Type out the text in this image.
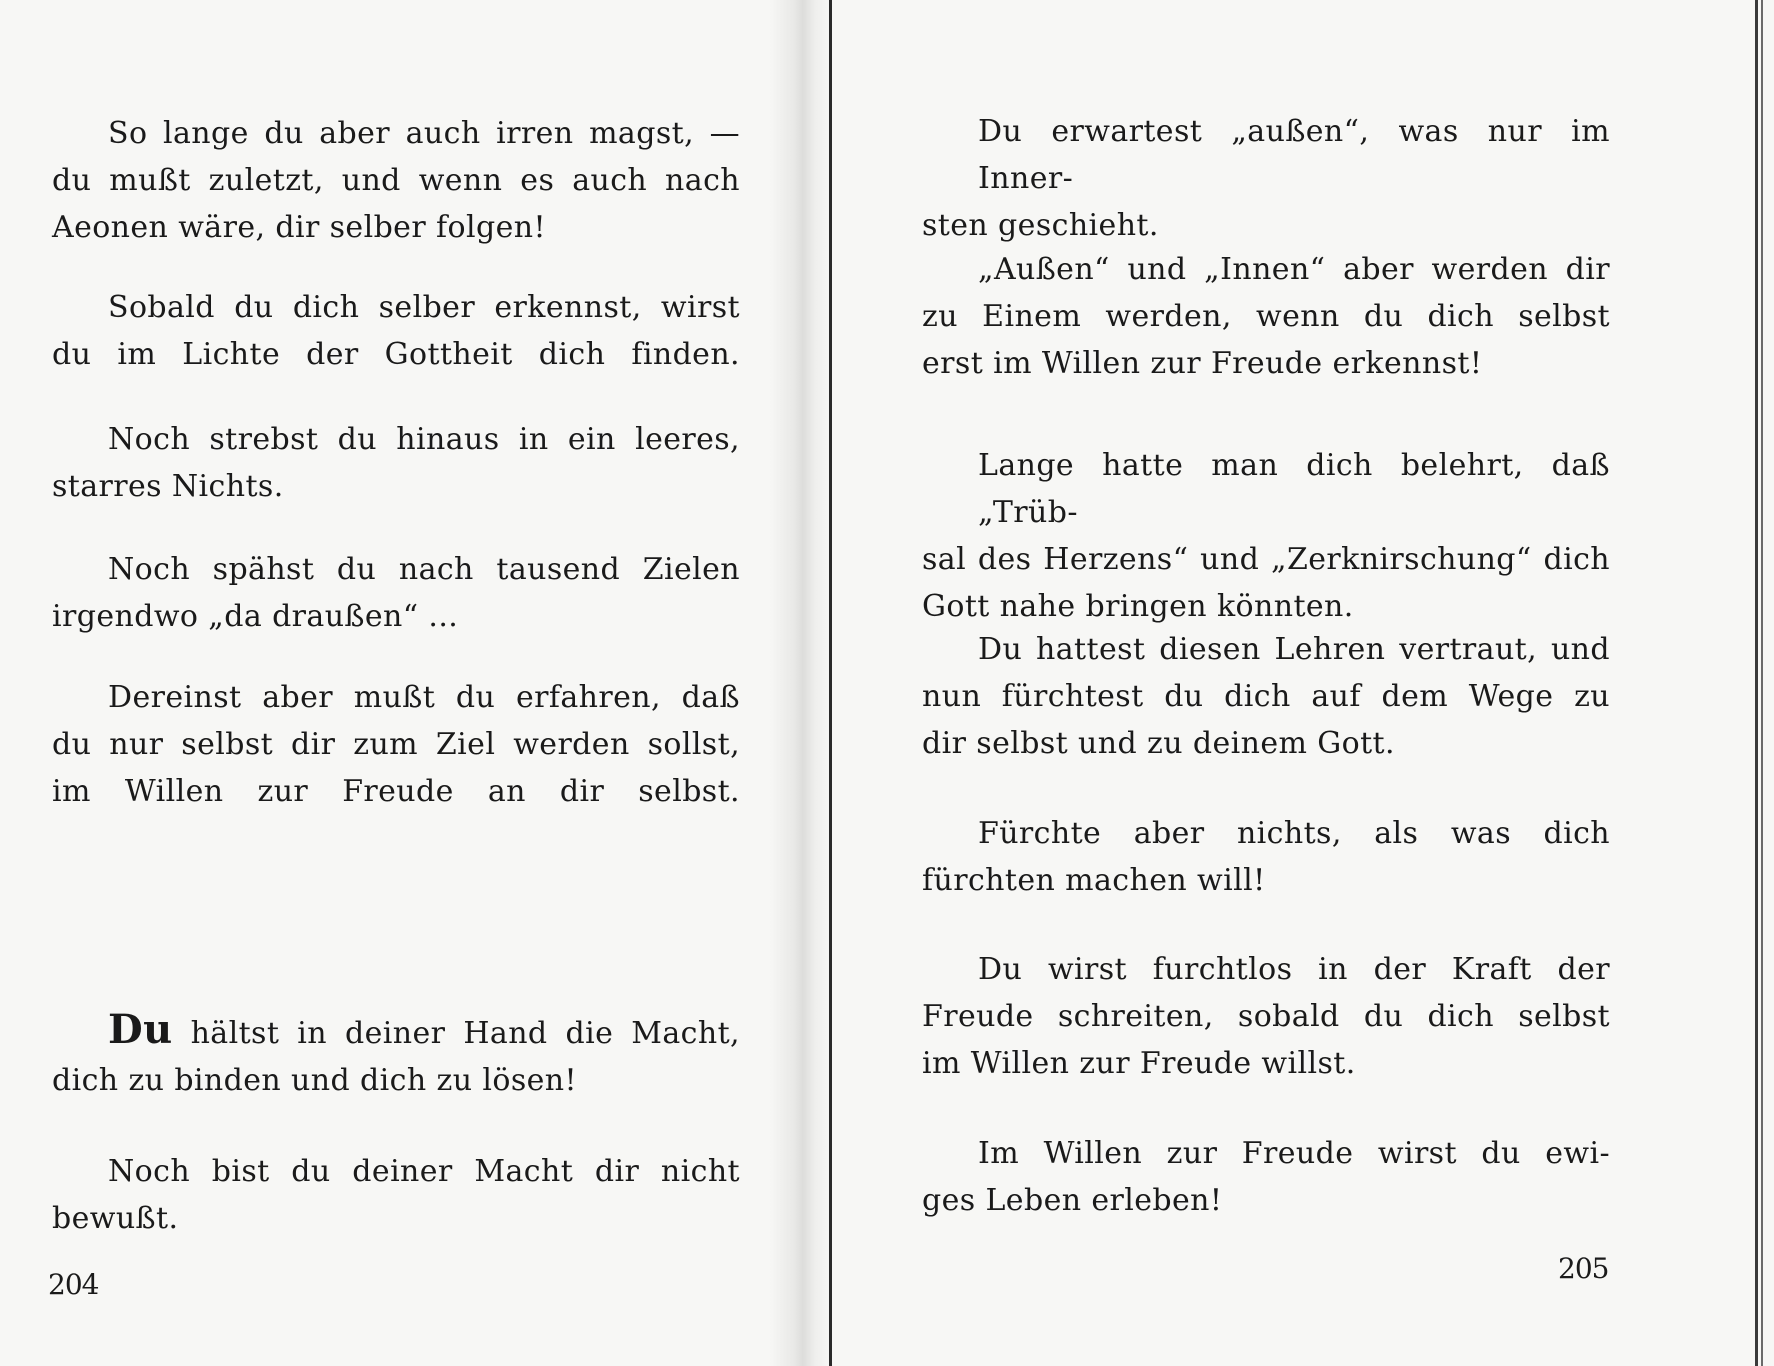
So lange du aber auch irren magst, —
du mußt zuletzt, und wenn es auch nach
Aeonen wäre, dir selber folgen!
Sobald du dich selber erkennst, wirst
du im Lichte der Gottheit dich finden.
Noch strebst du hinaus in ein leeres,
starres Nichts.
Noch spähst du nach tausend Zielen
irgendwo „da draußen“ ...
Dereinst aber mußt du erfahren, daß
du nur selbst dir zum Ziel werden sollst,
im Willen zur Freude an dir selbst.
Du hältst in deiner Hand die Macht,
dich zu binden und dich zu lösen!
Noch bist du deiner Macht dir nicht
bewußt.
204
Du erwartest „außen“, was nur im Inner-
sten geschieht.
„Außen“ und „Innen“ aber werden dir
zu Einem werden, wenn du dich selbst
erst im Willen zur Freude erkennst!
Lange hatte man dich belehrt, daß „Trüb-
sal des Herzens“ und „Zerknirschung“ dich
Gott nahe bringen könnten.
Du hattest diesen Lehren vertraut, und
nun fürchtest du dich auf dem Wege zu
dir selbst und zu deinem Gott.
Fürchte aber nichts, als was dich
fürchten machen will!
Du wirst furchtlos in der Kraft der
Freude schreiten, sobald du dich selbst
im Willen zur Freude willst.
Im Willen zur Freude wirst du ewi-
ges Leben erleben!
205
